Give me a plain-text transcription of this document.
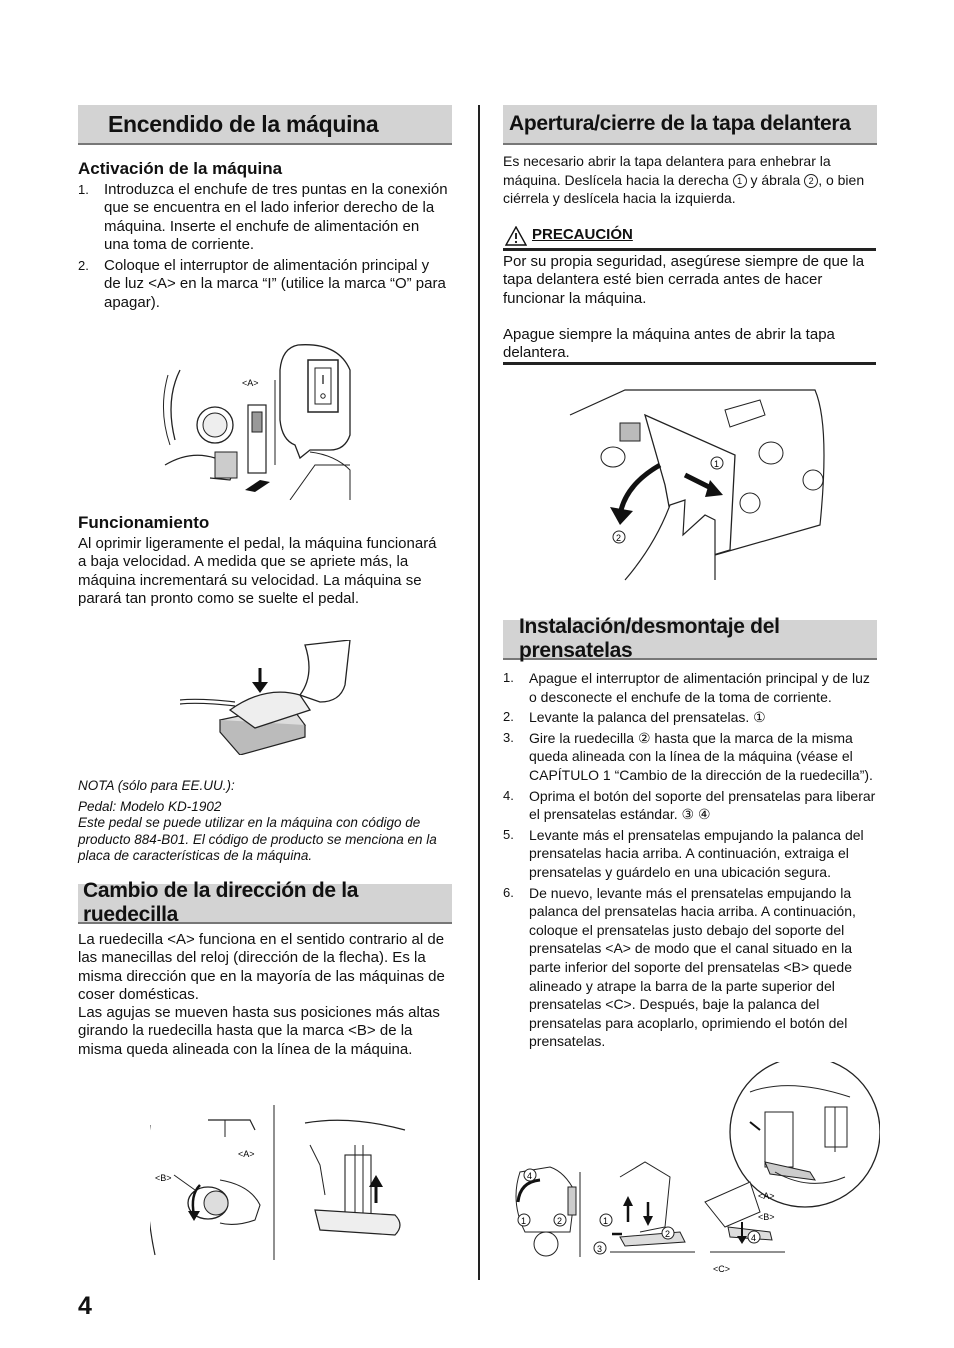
Encendido de la máquina
Activación de la máquina
1. Introduzca el enchufe de tres puntas en la conexión que se encuentra en el lado inferior derecho de la máquina. Inserte el enchufe de alimentación en una toma de corriente.
2. Coloque el interruptor de alimentación principal y de luz <A> en la marca “I” (utilice la marca “O” para apagar).
<A>
Funcionamiento

Al oprimir ligeramente el pedal, la máquina funcionará

a baja velocidad. A medida que se apriete más, la máquina incrementará su velocidad. La máquina se parará tan pronto como se suelte el pedal.

NOTA (sólo para EE.UU.):

Pedal: Modelo KD-1902

Este pedal se puede utilizar en la máquina con código de producto 884-B01. El código de producto se menciona en la placa de características de la máquina.

Cambio de la dirección de la ruedecilla

La ruedecilla <A> funciona en el sentido contrario al de las manecillas del reloj (dirección de la flecha). Es la misma dirección que en la mayoría de las máquinas de coser domésticas.

Las agujas se mueven hasta sus posiciones más altas girando la ruedecilla hasta que la marca <B> de la misma queda alineada con la línea de la máquina.

<B>
<A>
4
Apertura/cierre de la tapa delantera
Es necesario abrir la tapa delantera para enhebrar la máquina. Deslícela hacia la derecha 1 y ábrala 2 , o bien ciérrela y deslícela hacia la izquierda.
PRECAUCIÓN

Por su propia seguridad, asegúrese siempre de que la tapa delantera esté bien cerrada antes de hacer funcionar la máquina.

Apague siempre la máquina antes de abrir la tapa delantera.

1
2
Instalación/desmontaje del prensatelas
1. Apague el interruptor de alimentación principal y de luz o desconecte el enchufe de la toma de corriente.
2. Levante la palanca del prensatelas. ①
3. Gire la ruedecilla ② hasta que la marca de la misma queda alineada con la línea de la máquina (véase el CAPÍTULO 1 “Cambio de la dirección de la ruedecilla”).
4. Oprima el botón del soporte del prensatelas para liberar el prensatelas estándar. ③ ④
5. Levante más el prensatelas empujando la palanca del prensatelas hacia arriba. A continuación, extraiga el prensatelas y guárdelo en una ubicación segura.
6. De nuevo, levante más el prensatelas empujando la palanca del prensatelas hacia arriba. A continuación, coloque el prensatelas justo debajo del soporte del prensatelas <A> de modo que el canal situado en la parte inferior del soporte del prensatelas <B> quede alineado y atrape la barra de la parte superior del prensatelas <C>. Después, baje la palanca del prensatelas para acoplarlo, oprimiendo el botón del prensatelas.
<A>
<B>
<C>
4
1	2	1
3
2	4
